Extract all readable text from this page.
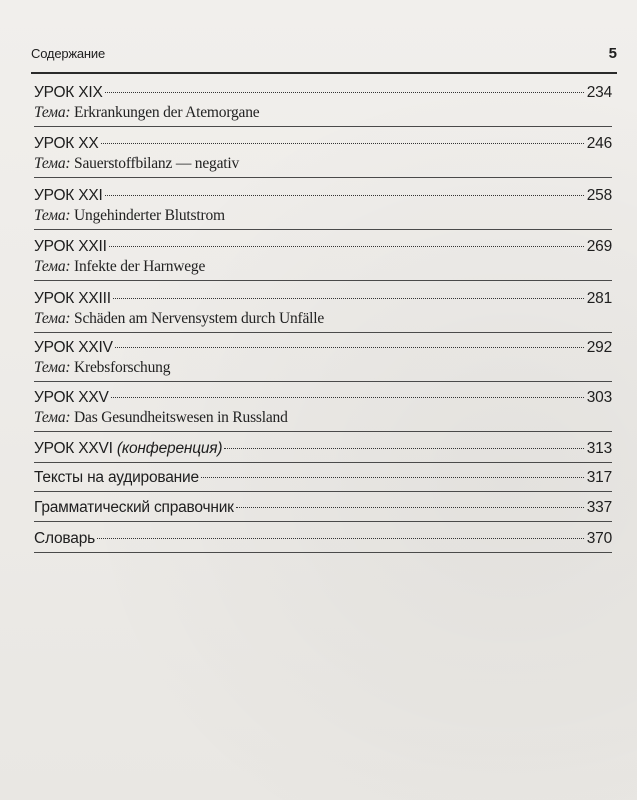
Содержание	5
УРОК XIX	234
Тема: Erkrankungen der Atemorgane
УРОК XX	246
Тема: Sauerstoffbilanz — negativ
УРОК XXI	258
Тема: Ungehinderter Blutstrom
УРОК XXII	269
Тема: Infekte der Harnwege
УРОК XXIII	281
Тема: Schäden am Nervensystem durch Unfälle
УРОК XXIV	292
Тема: Krebsforschung
УРОК XXV	303
Тема: Das Gesundheitswesen in Russland
УРОК XXVI (конференция)	313
Тексты на аудирование	317
Грамматический справочник	337
Словарь	370
